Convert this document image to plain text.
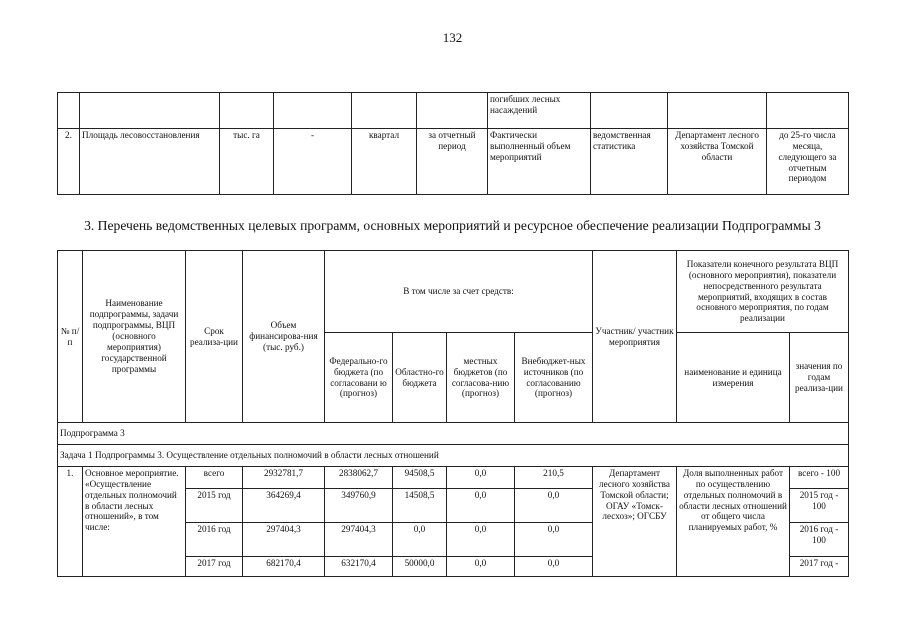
132
						погибших лесных насаждений			
2.	Площадь лесовосстановления	тыс. га	-	квартал	за отчетный период	Фактически выполненный объем мероприятий	ведомственная статистика	Департамент лесного хозяйства Томской области	до 25-го числа месяца, следующего за отчетным периодом
3. Перечень ведомственных целевых программ, основных мероприятий и ресурсное обеспечение реализации Подпрограммы 3
№ п/п	Наименование подпрограммы, задачи подпрограммы, ВЦП (основного мероприятия) государственной программы	Срок реализа-ции	Объем финансирова-ния (тыс. руб.)	В том числе за счет средств:				Участник/ участник мероприятия	Показатели конечного результата ВЦП (основного мероприятия), показатели непосредственного результата мероприятий, входящих в состав основного мероприятия, по годам реализации	
				Федерально-го бюджета (по согласовани ю (прогноз)	Областно-го бюджета	местных бюджетов (по согласова-нию (прогноз)	Внебюджет-ных источников (по согласованию (прогноз)		наименование и единица измерения	значения по годам реализа-ции
Подпрограмма 3										
Задача 1 Подпрограммы 3. Осуществление отдельных полномочий в области лесных отношений										
1.	Основное мероприятие. «Осуществление отдельных полномочий в области лесных отношений», в том числе:	всего	2932781,7	2838062,7	94508,5	0,0	210,5	Департамент лесного хозяйства Томской области; ОГАУ «Томск-лесхоз»; ОГСБУ	Доля выполненных работ по осуществлению отдельных полномочий в области лесных отношений от общего числа планируемых работ, %	всего - 100
		2015 год	364269,4	349760,9	14508,5	0,0	0,0			2015 год - 100
		2016 год	297404,3	297404,3	0,0	0,0	0,0			2016 год - 100
		2017 год	682170,4	632170,4	50000,0	0,0	0,0			2017 год -
